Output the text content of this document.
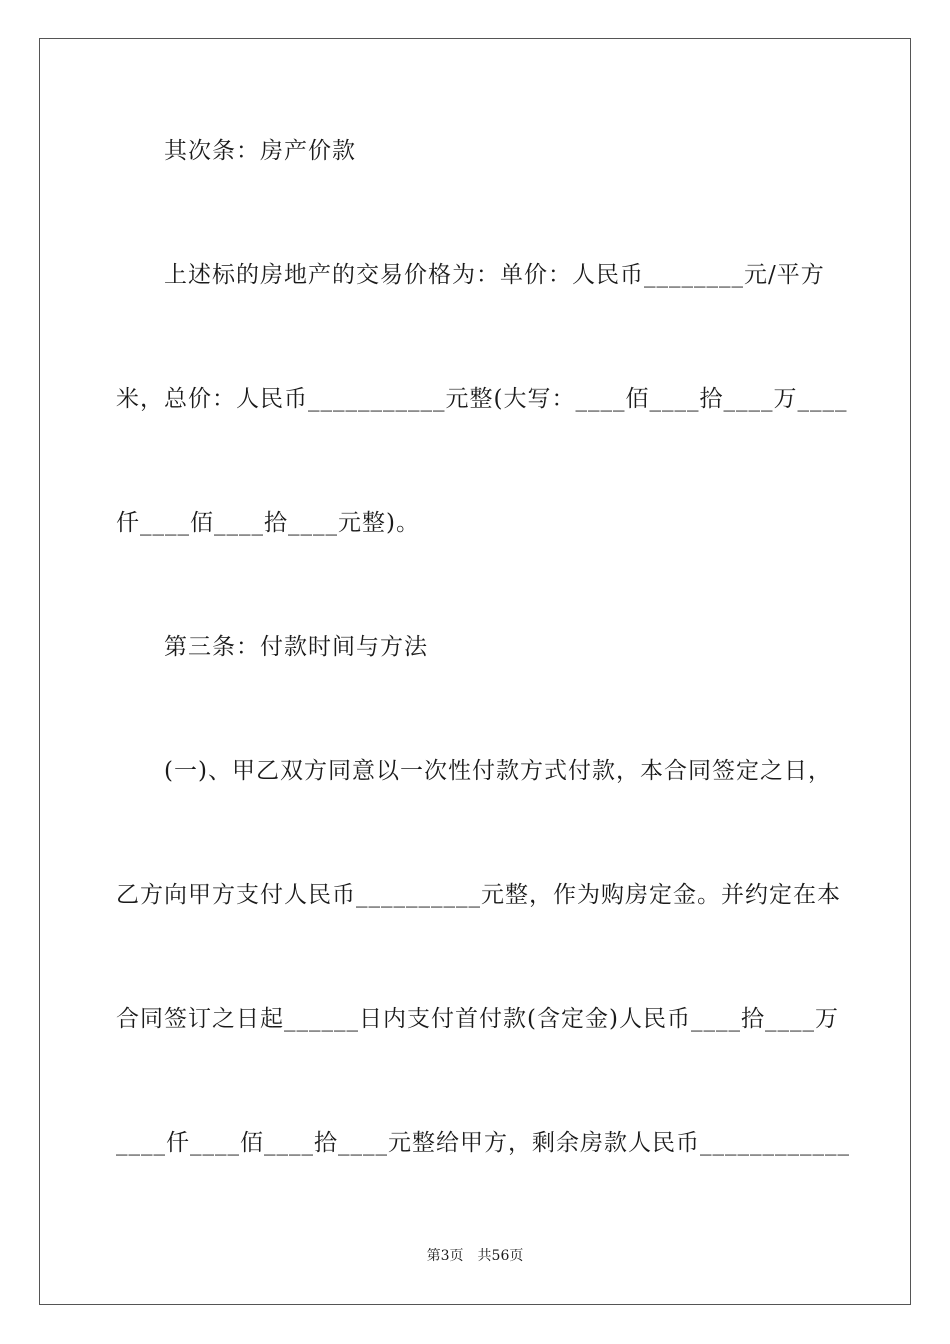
其次条：房产价款
上述标的房地产的交易价格为：单价：人民币________元/平方
米，总价：人民币___________元整(大写：____佰____拾____万____
仟____佰____拾____元整)。
第三条：付款时间与方法
(一)、甲乙双方同意以一次性付款方式付款，本合同签定之日，
乙方向甲方支付人民币__________元整，作为购房定金。并约定在本
合同签订之日起______日内支付首付款(含定金)人民币____拾____万
____仟____佰____拾____元整给甲方，剩余房款人民币____________
第3页 共56页
